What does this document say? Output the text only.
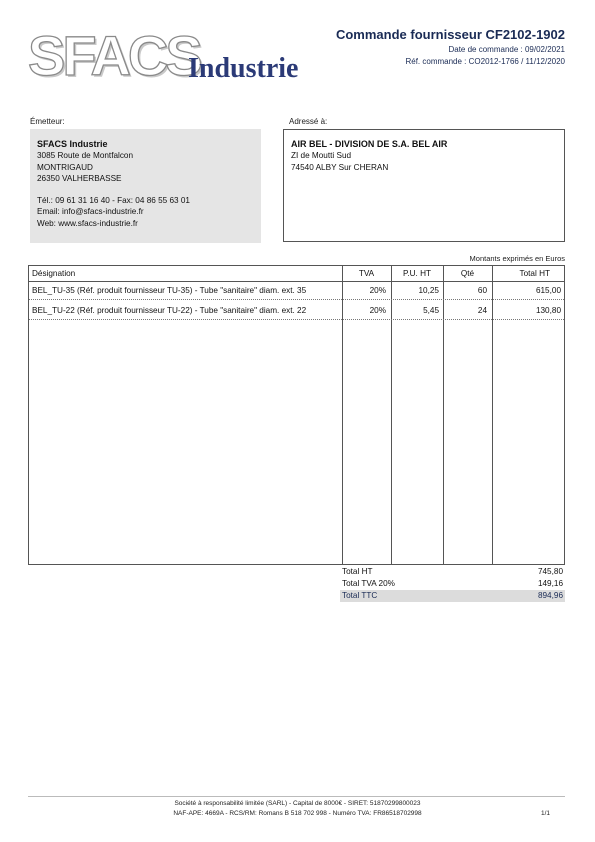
SFACS
Industrie
Commande fournisseur CF2102-1902
Date de commande : 09/02/2021
Réf. commande : CO2012-1766 / 11/12/2020
Émetteur:
SFACS Industrie
3085 Route de Montfalcon
MONTRIGAUD
26350 VALHERBASSE
Tél.: 09 61 31 16 40 - Fax: 04 86 55 63 01
Email: info@sfacs-industrie.fr
Web: www.sfacs-industrie.fr
Adressé à:
AIR BEL - DIVISION DE S.A. BEL AIR
ZI de Moutti Sud
74540 ALBY Sur CHERAN
Montants exprimés en Euros
Désignation	TVA	P.U. HT	Qté	Total HT
BEL_TU-35 (Réf. produit fournisseur TU-35) - Tube "sanitaire" diam. ext. 35	20%	10,25	60	615,00
BEL_TU-22 (Réf. produit fournisseur TU-22) - Tube "sanitaire" diam. ext. 22	20%	5,45	24	130,80
Total HT	745,80
Total TVA 20%	149,16
Total TTC	894,96
Société à responsabilité limitée (SARL) - Capital de 8000€ - SIRET: 51870299800023
NAF-APE: 4669A - RCS/RM: Romans B 518 702 998 - Numéro TVA: FR86518702998	1/1
